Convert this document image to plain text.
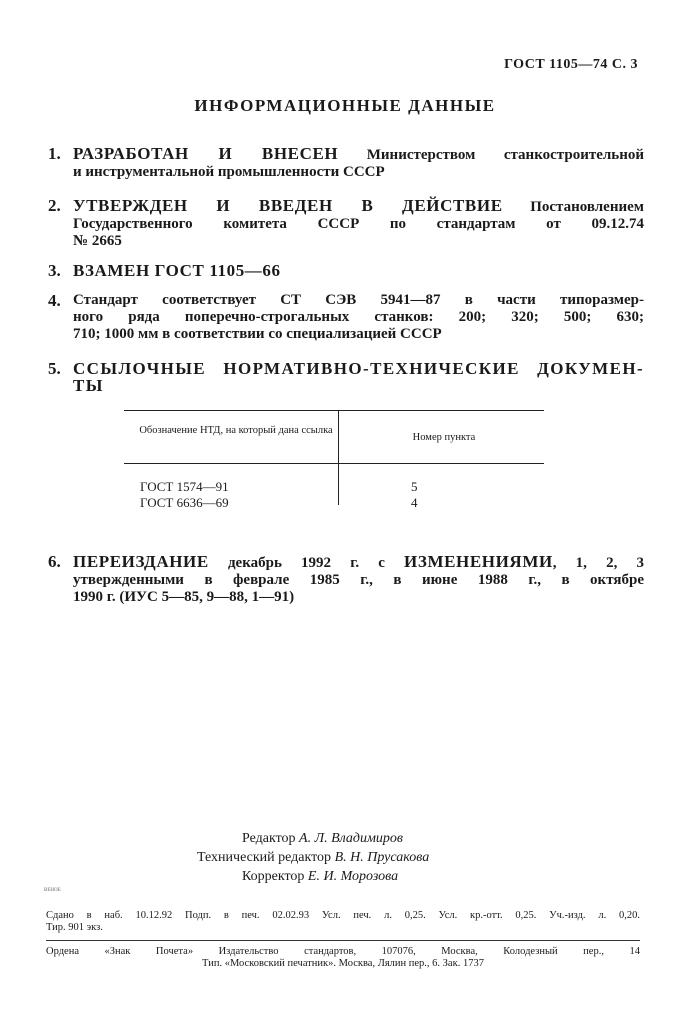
ГОСТ 1105—74 С. 3
ИНФОРМАЦИОННЫЕ ДАННЫЕ
1. РАЗРАБОТАН И ВНЕСЕН Министерством станкостроительной
и инструментальной промышленности СССР
2. УТВЕРЖДЕН И ВВЕДЕН В ДЕЙСТВИЕ Постановлением
Государственного комитета СССР по стандартам от 09.12.74
№ 2665
3. ВЗАМЕН ГОСТ 1105—66
4. Стандарт соответствует СТ СЭВ 5941—87 в части типоразмер-
ного ряда поперечно-строгальных станков: 200; 320; 500; 630;
710; 1000 мм в соответствии со специализацией СССР
5. ССЫЛОЧНЫЕ НОРМАТИВНО-ТЕХНИЧЕСКИЕ ДОКУМЕН-
ТЫ
Обозначение НТД, на который дана ссылка
Номер пункта
ГОСТ 1574—91	5
ГОСТ 6636—69	4
6. ПЕРЕИЗДАНИЕ декабрь 1992 г. с ИЗМЕНЕНИЯМИ, 1, 2, 3
утвержденными в феврале 1985 г., в июне 1988 г., в октябре
1990 г. (ИУС 5—85, 9—88, 1—91)
Редактор А. Л. Владимиров
Технический редактор В. Н. Прусакова
Корректор Е. И. Морозова
ВЕНОЕ
Сдано в наб. 10.12.92 Подп. в печ. 02.02.93 Усл. печ. л. 0,25. Усл. кр.-отт. 0,25. Уч.-изд. л. 0,20.
Тир. 901 экз.
Ордена «Знак Почета» Издательство стандартов, 107076, Москва, Колодезный пер., 14
Тип. «Московский печатник». Москва, Лялин пер., 6. Зак. 1737
